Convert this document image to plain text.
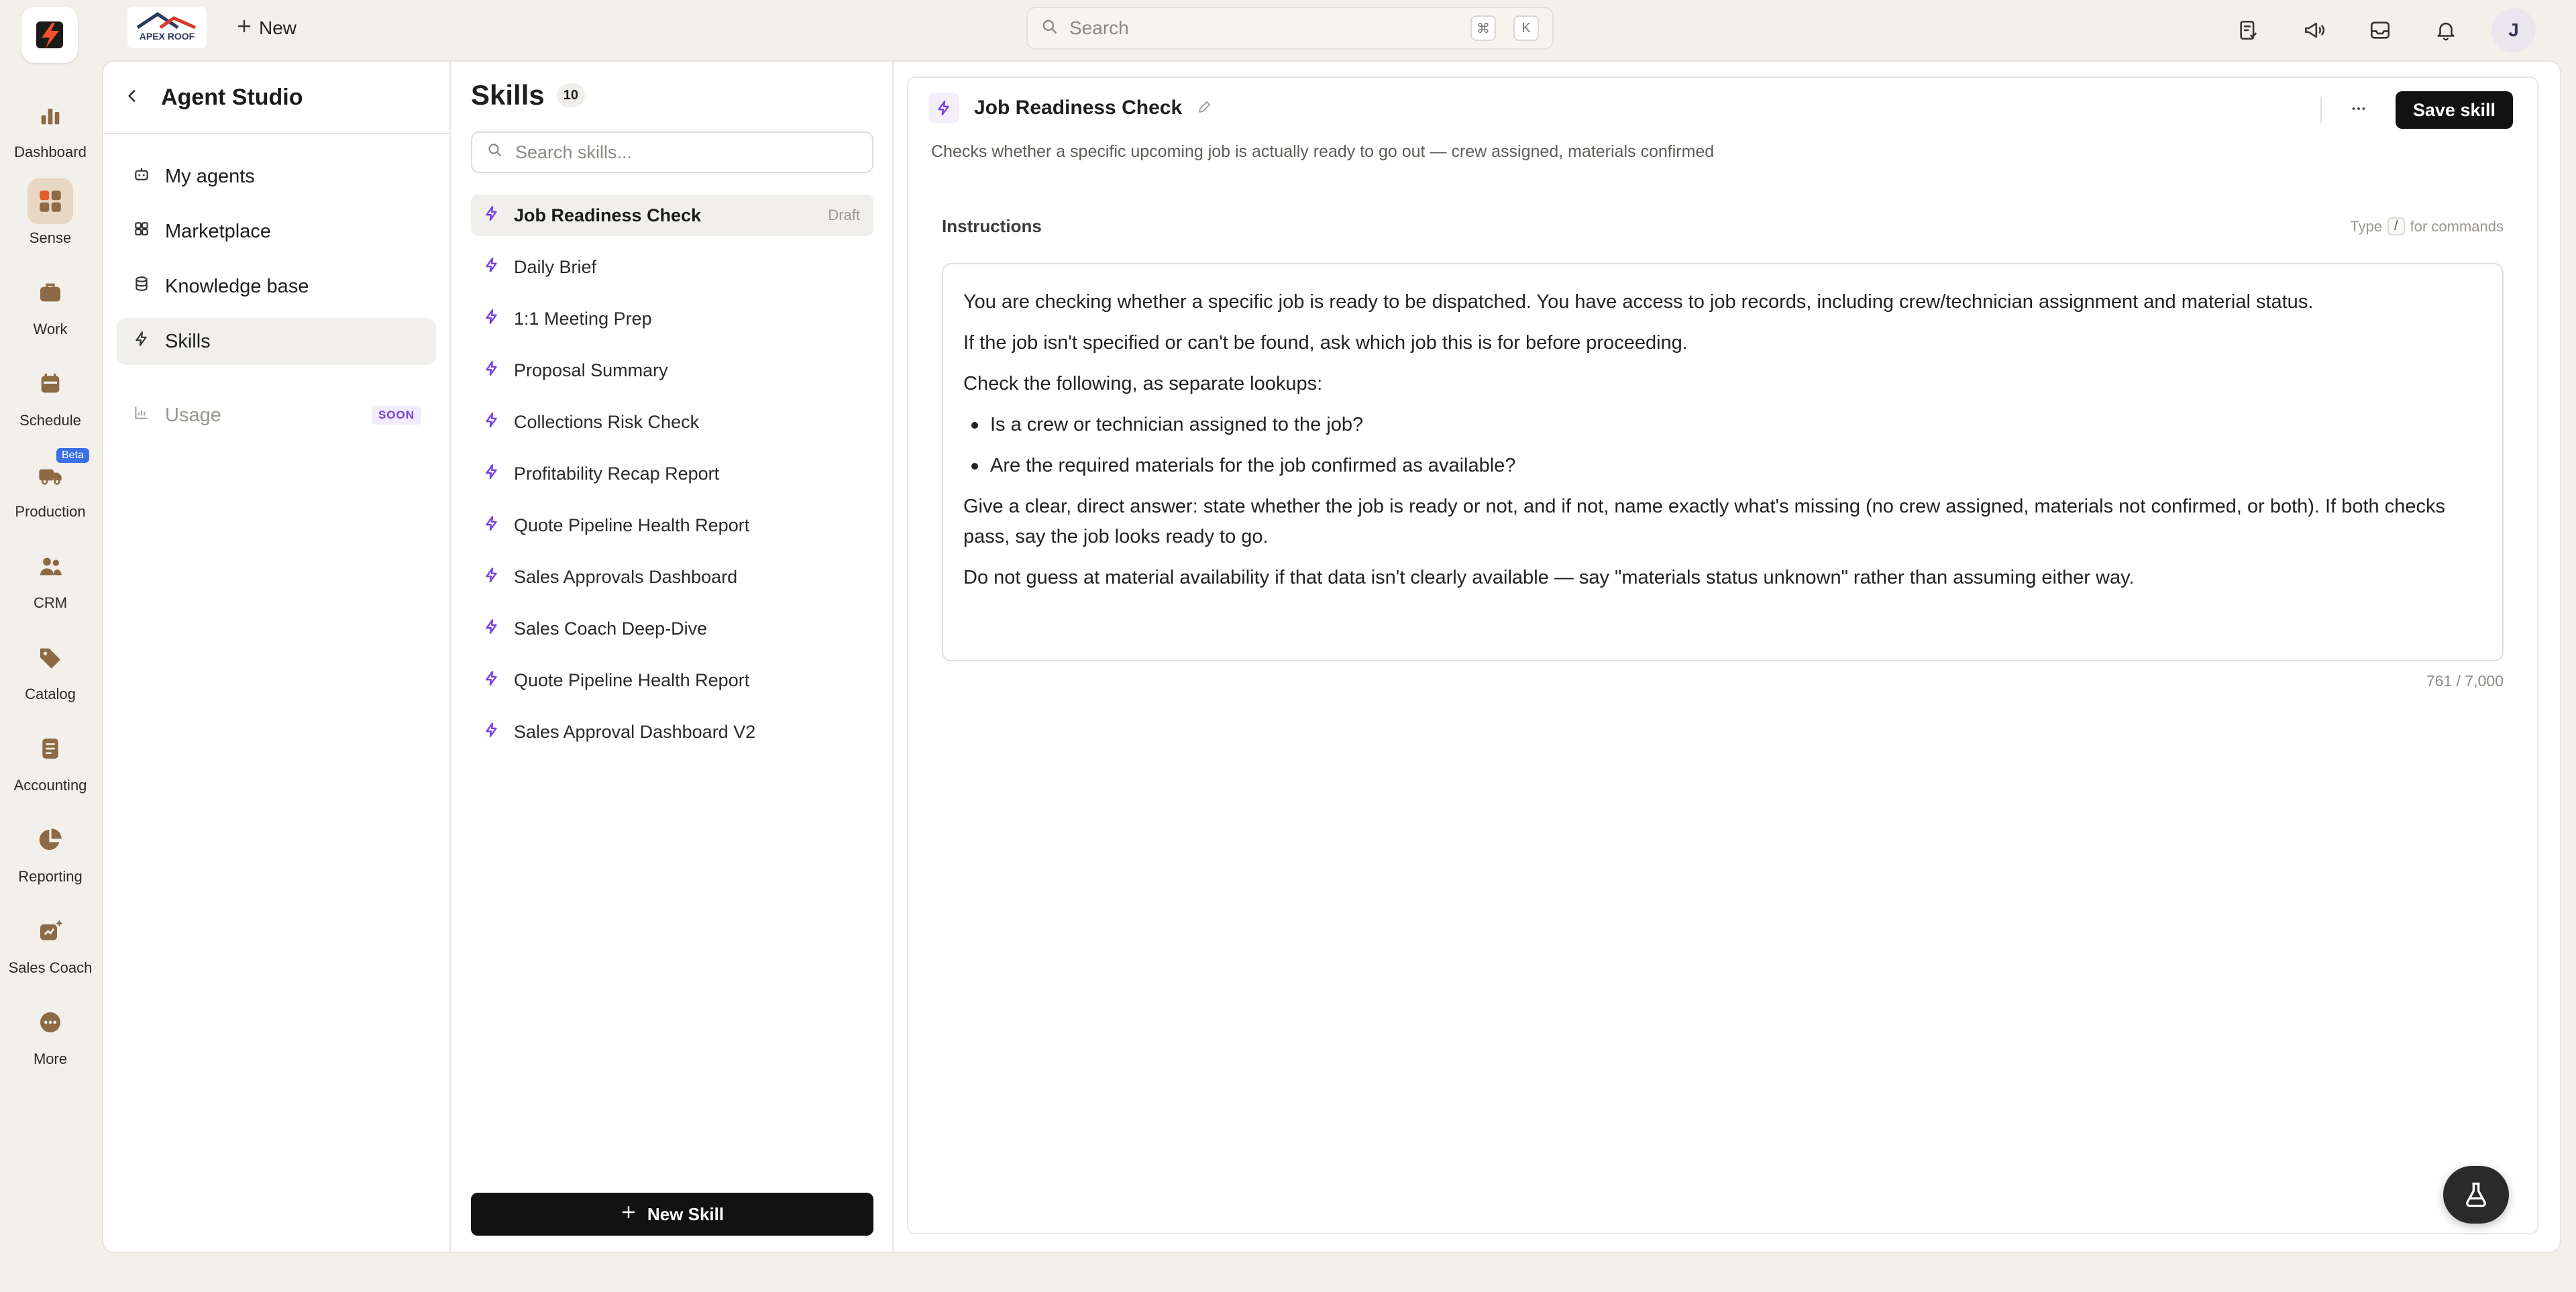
APEX ROOF	New	Search	⌘	K	J
Dashboard
Sense
Work
Schedule
Beta
Production
CRM
Catalog
Accounting
Reporting
Sales Coach
More
Agent Studio
My agents
Marketplace
Knowledge base
Skills
Usage	SOON
Skills	10
Search skills...
Job Readiness Check	Draft
Daily Brief
1:1 Meeting Prep
Proposal Summary
Collections Risk Check
Profitability Recap Report
Quote Pipeline Health Report
Sales Approvals Dashboard
Sales Coach Deep-Dive
Quote Pipeline Health Report
Sales Approval Dashboard V2
New Skill
Job Readiness Check	Save skill
Checks whether a specific upcoming job is actually ready to go out — crew assigned, materials confirmed
Instructions	Type / for commands

You are checking whether a specific job is ready to be dispatched. You have access to job records, including crew/technician assignment and material status.

If the job isn't specified or can't be found, ask which job this is for before proceeding.

Check the following, as separate lookups:

Is a crew or technician assigned to the job?
Are the required materials for the job confirmed as available?

Give a clear, direct answer: state whether the job is ready or not, and if not, name exactly what's missing (no crew assigned, materials not confirmed, or both). If both checks pass, say the job looks ready to go.

Do not guess at material availability if that data isn't clearly available — say "materials status unknown" rather than assuming either way.

761 / 7,000
